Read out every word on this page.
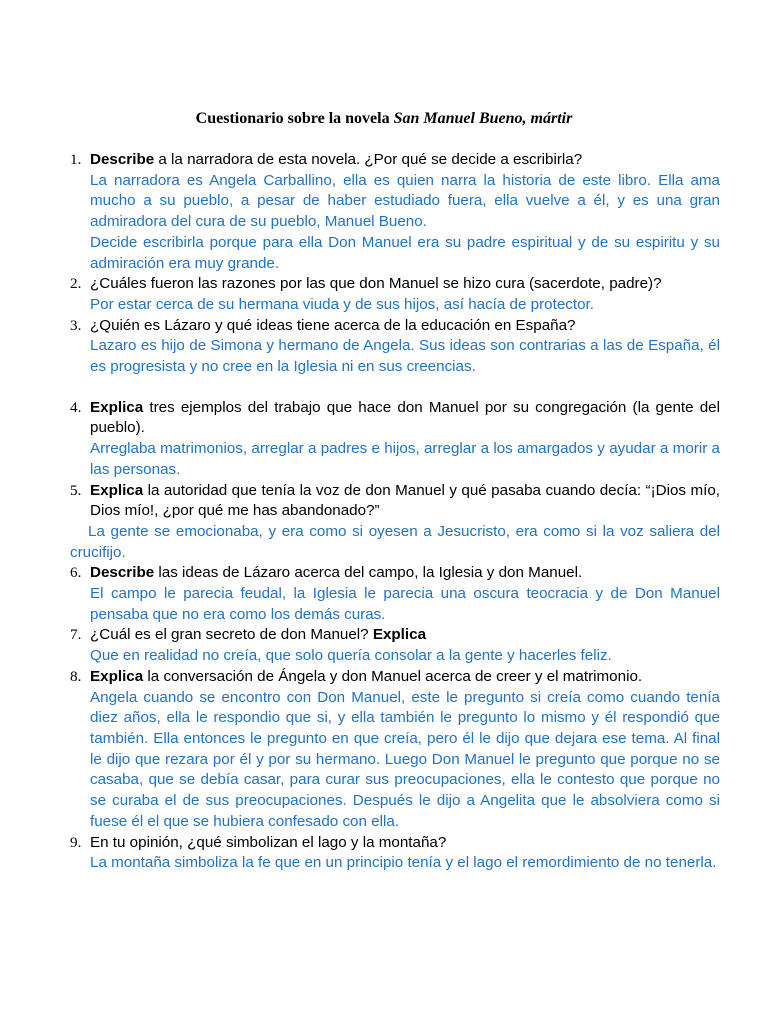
Cuestionario sobre la novela San Manuel Bueno, mártir
1. Describe a la narradora de esta novela. ¿Por qué se decide a escribirla?
La narradora es Angela Carballino, ella es quien narra la historia de este libro. Ella ama mucho a su pueblo, a pesar de haber estudiado fuera, ella vuelve a él, y es una gran admiradora del cura de su pueblo, Manuel Bueno.
Decide escribirla porque para ella Don Manuel era su padre espiritual y de su espiritu y su admiración era muy grande.
2. ¿Cuáles fueron las razones por las que don Manuel se hizo cura (sacerdote, padre)?
Por estar cerca de su hermana viuda y de sus hijos, así hacía de protector.
3. ¿Quién es Lázaro y qué ideas tiene acerca de la educación en España?
Lazaro es hijo de Simona y hermano de Angela. Sus ideas son contrarias a las de España, él es progresista y no cree en la Iglesia ni en sus creencias.
4. Explica tres ejemplos del trabajo que hace don Manuel por su congregación (la gente del pueblo).
Arreglaba matrimonios, arreglar a padres e hijos, arreglar a los amargados y ayudar a morir a las personas.
5. Explica la autoridad que tenía la voz de don Manuel y qué pasaba cuando decía: “¡Dios mío, Dios mío!, ¿por qué me has abandonado?”
La gente se emocionaba, y era como si oyesen a Jesucristo, era como si la voz saliera del crucifijo.
6. Describe las ideas de Lázaro acerca del campo, la Iglesia y don Manuel.
El campo le parecia feudal, la Iglesia le parecia una oscura teocracia y de Don Manuel pensaba que no era como los demás curas.
7. ¿Cuál es el gran secreto de don Manuel? Explica
Que en realidad no creía, que solo quería consolar a la gente y hacerles feliz.
8. Explica la conversación de Ángela y don Manuel acerca de creer y el matrimonio.
Angela cuando se encontro con Don Manuel, este le pregunto si creía como cuando tenía diez años, ella le respondio que si, y ella también le pregunto lo mismo y él respondió que también. Ella entonces le pregunto en que creía, pero él le dijo que dejara ese tema. Al final le dijo que rezara por él y por su hermano. Luego Don Manuel le pregunto que porque no se casaba, que se debía casar, para curar sus preocupaciones, ella le contesto que porque no se curaba el de sus preocupaciones. Después le dijo a Angelita que le absolviera como si fuese él el que se hubiera confesado con ella.
9. En tu opinión, ¿qué simbolizan el lago y la montaña?
La montaña simboliza la fe que en un principio tenía y el lago el remordimiento de no tenerla.
